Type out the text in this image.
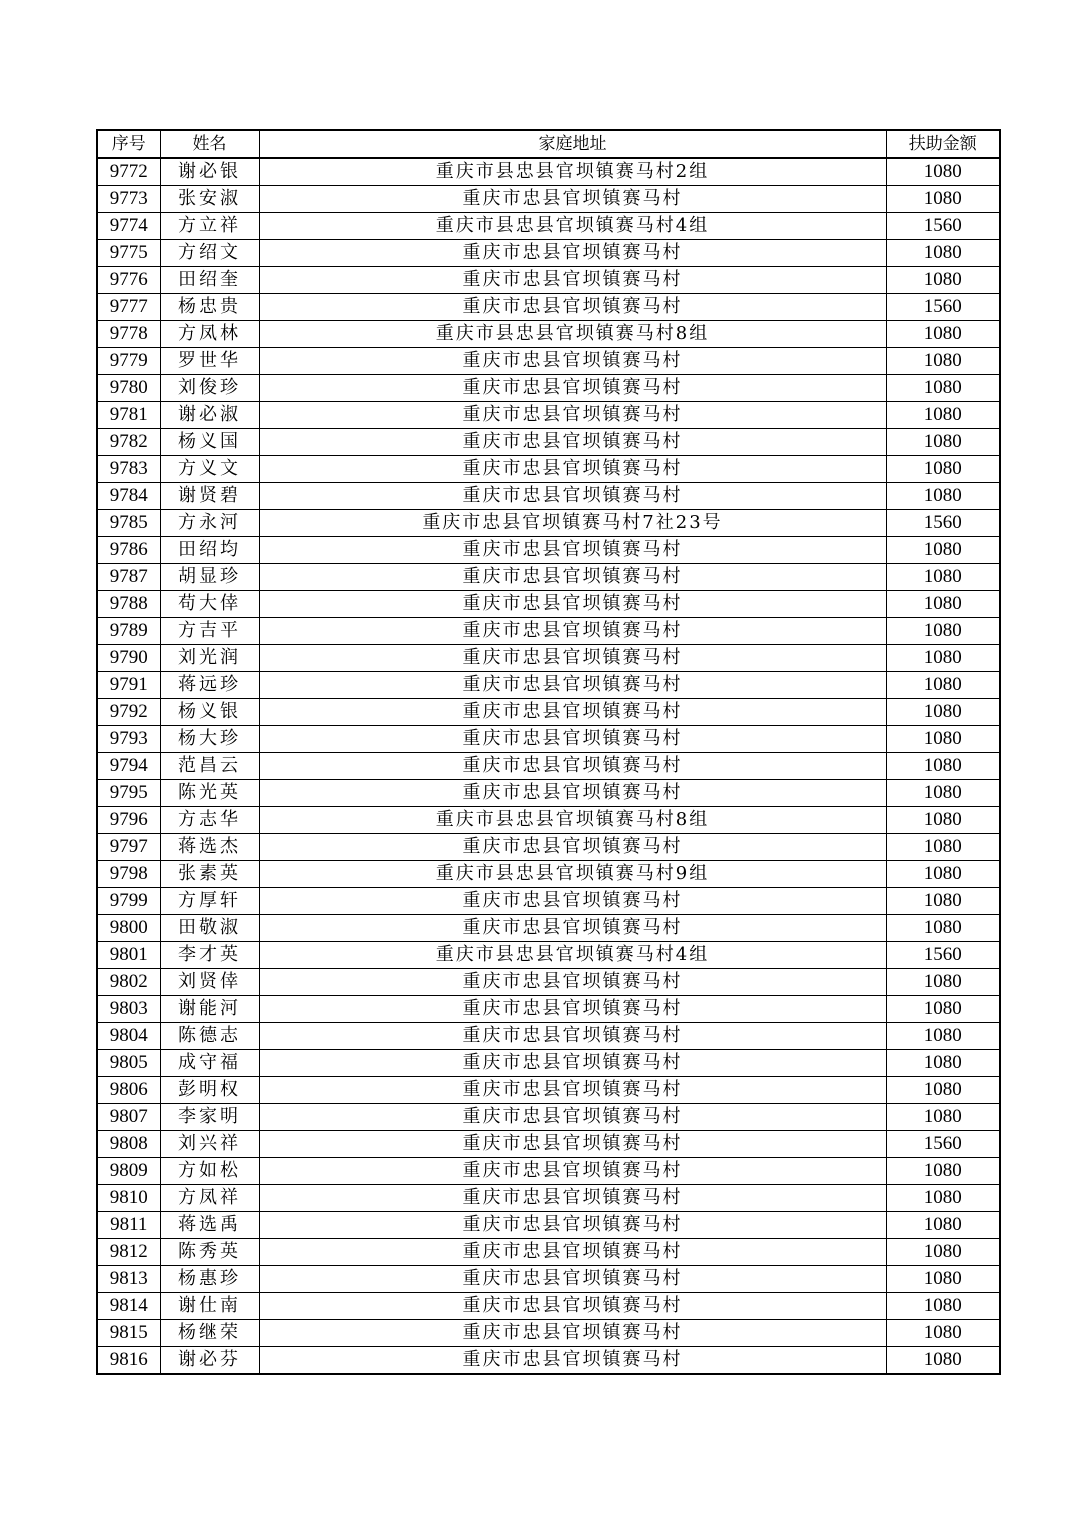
序号	姓名	家庭地址	扶助金额
9772	谢必银	重庆市县忠县官坝镇赛马村2组	1080
9773	张安淑	重庆市忠县官坝镇赛马村	1080
9774	方立祥	重庆市县忠县官坝镇赛马村4组	1560
9775	方绍文	重庆市忠县官坝镇赛马村	1080
9776	田绍奎	重庆市忠县官坝镇赛马村	1080
9777	杨忠贵	重庆市忠县官坝镇赛马村	1560
9778	方凤林	重庆市县忠县官坝镇赛马村8组	1080
9779	罗世华	重庆市忠县官坝镇赛马村	1080
9780	刘俊珍	重庆市忠县官坝镇赛马村	1080
9781	谢必淑	重庆市忠县官坝镇赛马村	1080
9782	杨义国	重庆市忠县官坝镇赛马村	1080
9783	方义文	重庆市忠县官坝镇赛马村	1080
9784	谢贤碧	重庆市忠县官坝镇赛马村	1080
9785	方永河	重庆市忠县官坝镇赛马村7社23号	1560
9786	田绍均	重庆市忠县官坝镇赛马村	1080
9787	胡显珍	重庆市忠县官坝镇赛马村	1080
9788	苟大倖	重庆市忠县官坝镇赛马村	1080
9789	方吉平	重庆市忠县官坝镇赛马村	1080
9790	刘光润	重庆市忠县官坝镇赛马村	1080
9791	蒋远珍	重庆市忠县官坝镇赛马村	1080
9792	杨义银	重庆市忠县官坝镇赛马村	1080
9793	杨大珍	重庆市忠县官坝镇赛马村	1080
9794	范昌云	重庆市忠县官坝镇赛马村	1080
9795	陈光英	重庆市忠县官坝镇赛马村	1080
9796	方志华	重庆市县忠县官坝镇赛马村8组	1080
9797	蒋选杰	重庆市忠县官坝镇赛马村	1080
9798	张素英	重庆市县忠县官坝镇赛马村9组	1080
9799	方厚轩	重庆市忠县官坝镇赛马村	1080
9800	田敬淑	重庆市忠县官坝镇赛马村	1080
9801	李才英	重庆市县忠县官坝镇赛马村4组	1560
9802	刘贤倖	重庆市忠县官坝镇赛马村	1080
9803	谢能河	重庆市忠县官坝镇赛马村	1080
9804	陈德志	重庆市忠县官坝镇赛马村	1080
9805	成守福	重庆市忠县官坝镇赛马村	1080
9806	彭明权	重庆市忠县官坝镇赛马村	1080
9807	李家明	重庆市忠县官坝镇赛马村	1080
9808	刘兴祥	重庆市忠县官坝镇赛马村	1560
9809	方如松	重庆市忠县官坝镇赛马村	1080
9810	方凤祥	重庆市忠县官坝镇赛马村	1080
9811	蒋选禹	重庆市忠县官坝镇赛马村	1080
9812	陈秀英	重庆市忠县官坝镇赛马村	1080
9813	杨惠珍	重庆市忠县官坝镇赛马村	1080
9814	谢仕南	重庆市忠县官坝镇赛马村	1080
9815	杨继荣	重庆市忠县官坝镇赛马村	1080
9816	谢必芬	重庆市忠县官坝镇赛马村	1080
